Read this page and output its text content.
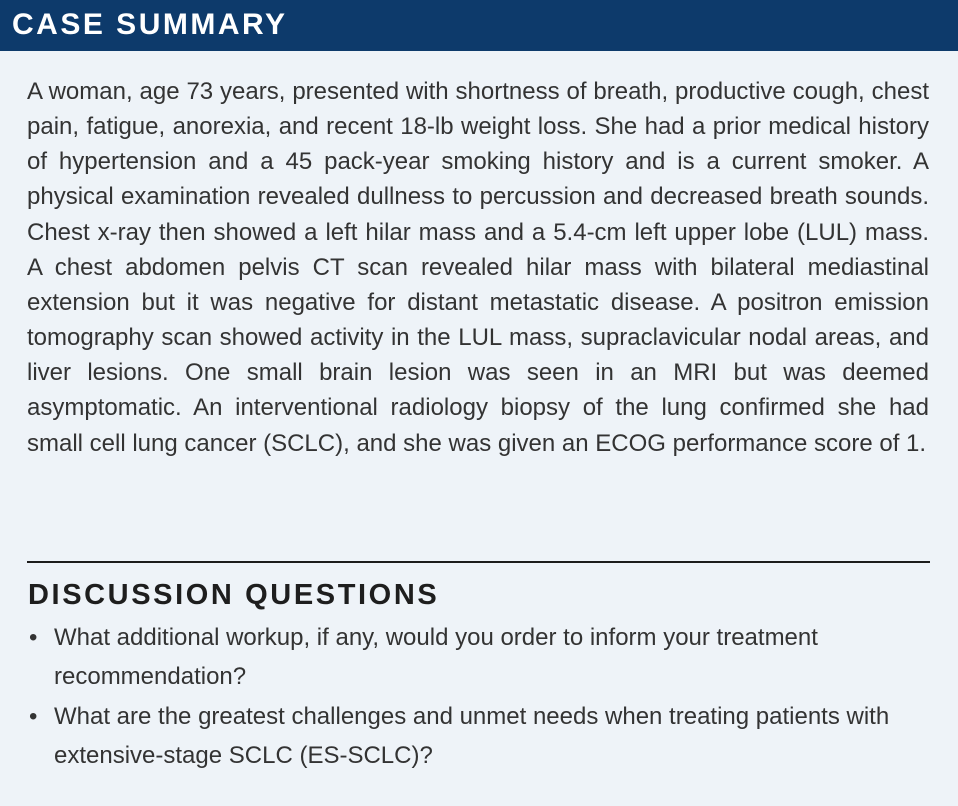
CASE SUMMARY

A woman, age 73 years, presented with shortness of breath, productive cough, chest pain, fatigue, anorexia, and recent 18-lb weight loss. She had a prior medical history of hypertension and a 45 pack-year smoking history and is a current smoker. A physical examination revealed dullness to percussion and decreased breath sounds. Chest x-ray then showed a left hilar mass and a 5.4-cm left upper lobe (LUL) mass. A chest abdomen pelvis CT scan revealed hilar mass with bilateral mediastinal extension but it was negative for distant metastatic disease. A positron emission tomography scan showed activity in the LUL mass, supraclavicular nodal areas, and liver lesions. One small brain lesion was seen in an MRI but was deemed asymptomatic. An interventional radiology biopsy of the lung confirmed she had small cell lung cancer (SCLC), and she was given an ECOG performance score of 1.

DISCUSSION QUESTIONS
• What additional workup, if any, would you order to inform your treatment recommendation?
• What are the greatest challenges and unmet needs when treating patients with extensive-stage SCLC (ES-SCLC)?
